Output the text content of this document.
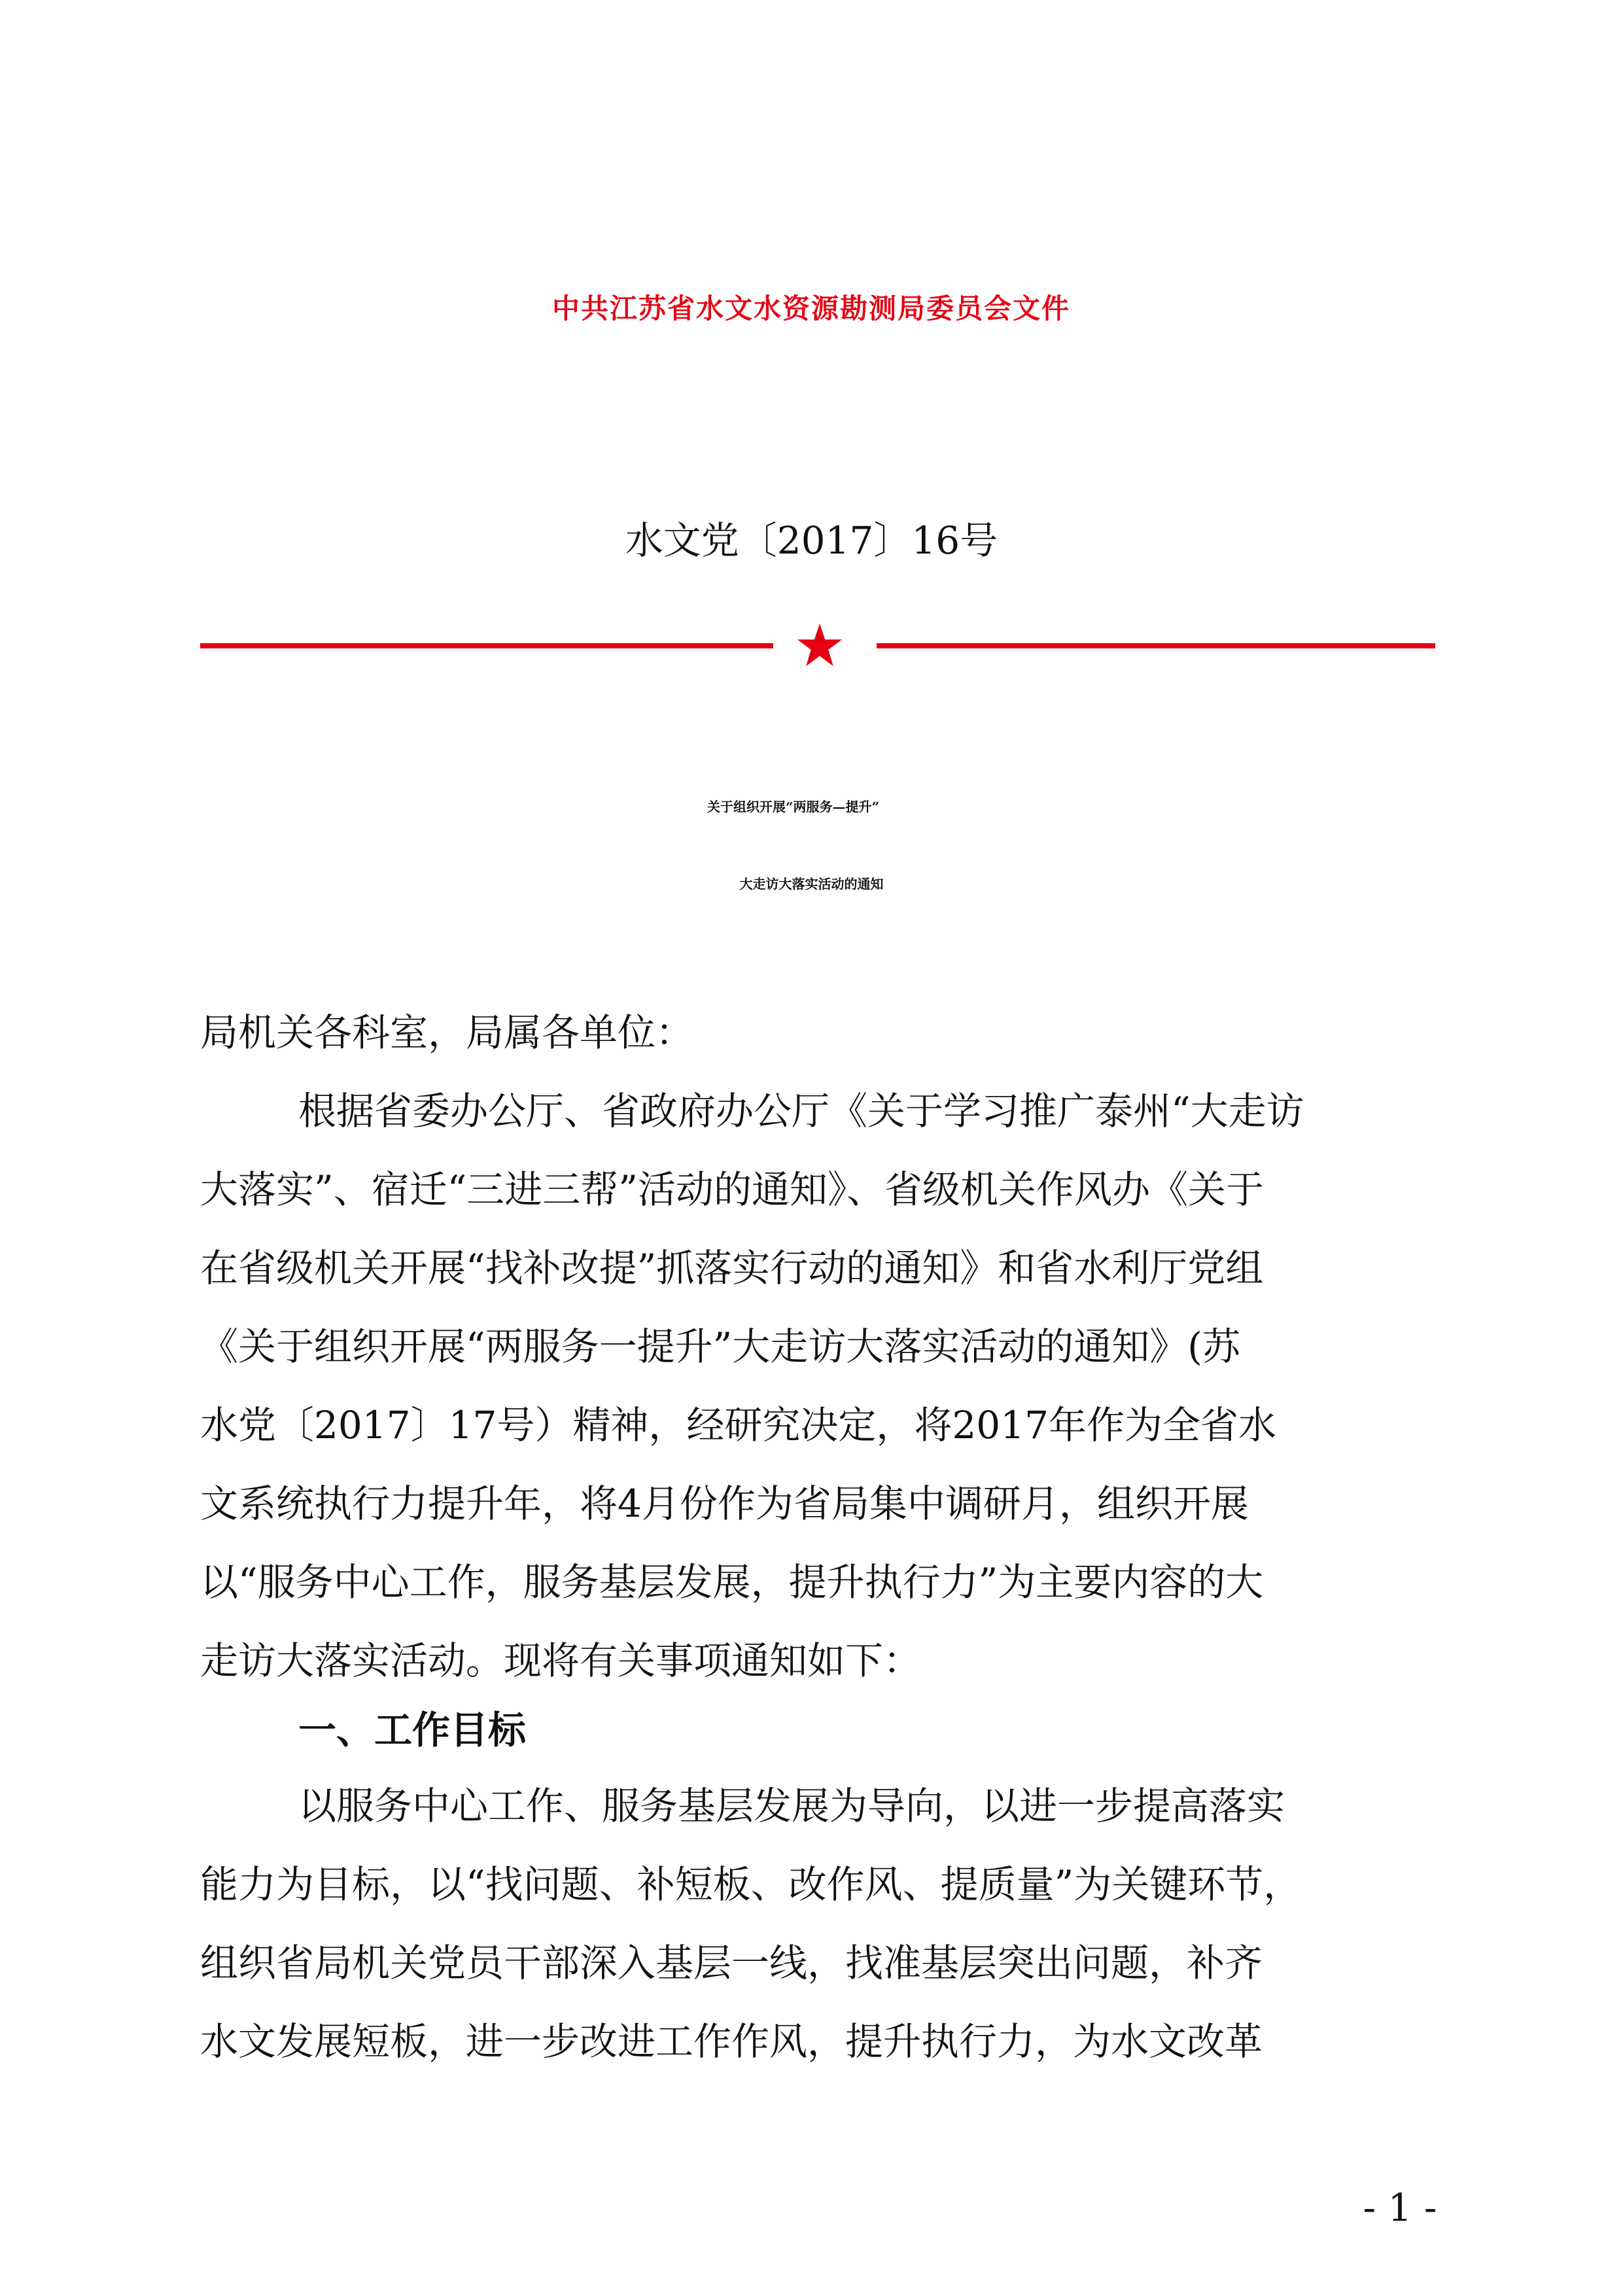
中共江苏省水文水资源勘测局委员会文件
水文党〔2017〕16号
关于组织开展“两服务—提升”
大走访大落实活动的通知
局机关各科室，局属各单位：
根据省委办公厅、省政府办公厅《关于学习推广泰州“大走访
大落实”、宿迁“三进三帮”活动的通知》、省级机关作风办《关于
在省级机关开展“找补改提”抓落实行动的通知》和省水利厅党组
《关于组织开展“两服务一提升”大走访大落实活动的通知》(苏
水党〔2017〕17号）精神，经研究决定，将2017年作为全省水
文系统执行力提升年，将4月份作为省局集中调研月，组织开展
以“服务中心工作，服务基层发展，提升执行力”为主要内容的大
走访大落实活动。现将有关事项通知如下：
一、工作目标
以服务中心工作、服务基层发展为导向，以进一步提高落实
能力为目标，以“找问题、补短板、改作风、提质量”为关键环节，
组织省局机关党员干部深入基层一线，找准基层突出问题，补齐
水文发展短板，进一步改进工作作风，提升执行力，为水文改革
- 1 -
